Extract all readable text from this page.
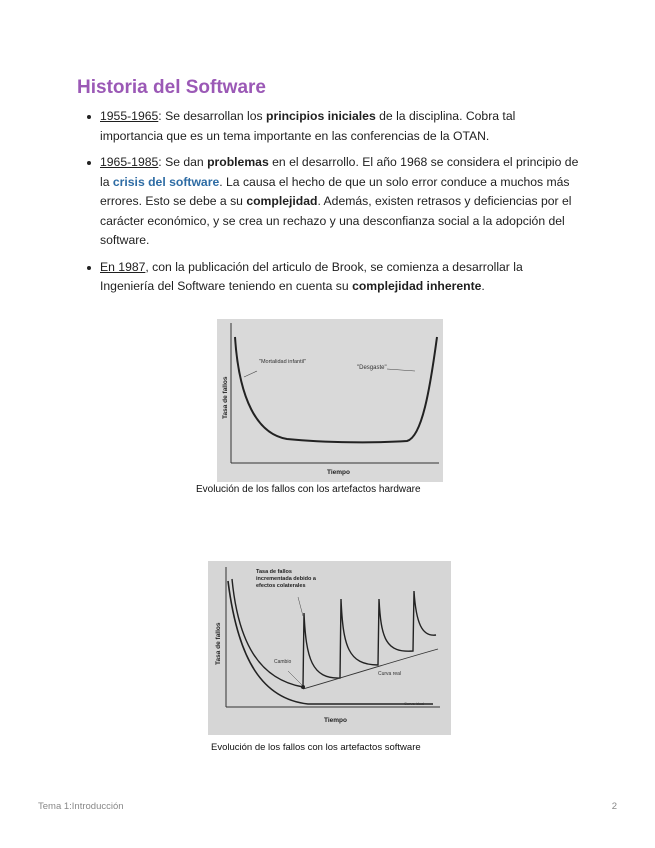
Historia del Software
1955-1965: Se desarrollan los principios iniciales de la disciplina. Cobra tal importancia que es un tema importante en las conferencias de la OTAN.
1965-1985: Se dan problemas en el desarrollo. El año 1968 se considera el principio de la crisis del software. La causa el hecho de que un solo error conduce a muchos más errores. Esto se debe a su complejidad. Además, existen retrasos y deficiencias por el carácter económico, y se crea un rechazo y una desconfianza social a la adopción del software.
En 1987, con la publicación del articulo de Brook, se comienza a desarrollar la Ingeniería del Software teniendo en cuenta su complejidad inherente.
"Mortalidad infantil"
"Desgaste"
Tiempo
Tasa de fallos
Evolución de los fallos con los artefactos hardware
Tasa de fallos incrementada debido a efectos colaterales
Cambio
Curva real
Curva ideal
Tiempo
Tasa de fallos
Evolución de los fallos con los artefactos software
Tema 1:Introducción	2
